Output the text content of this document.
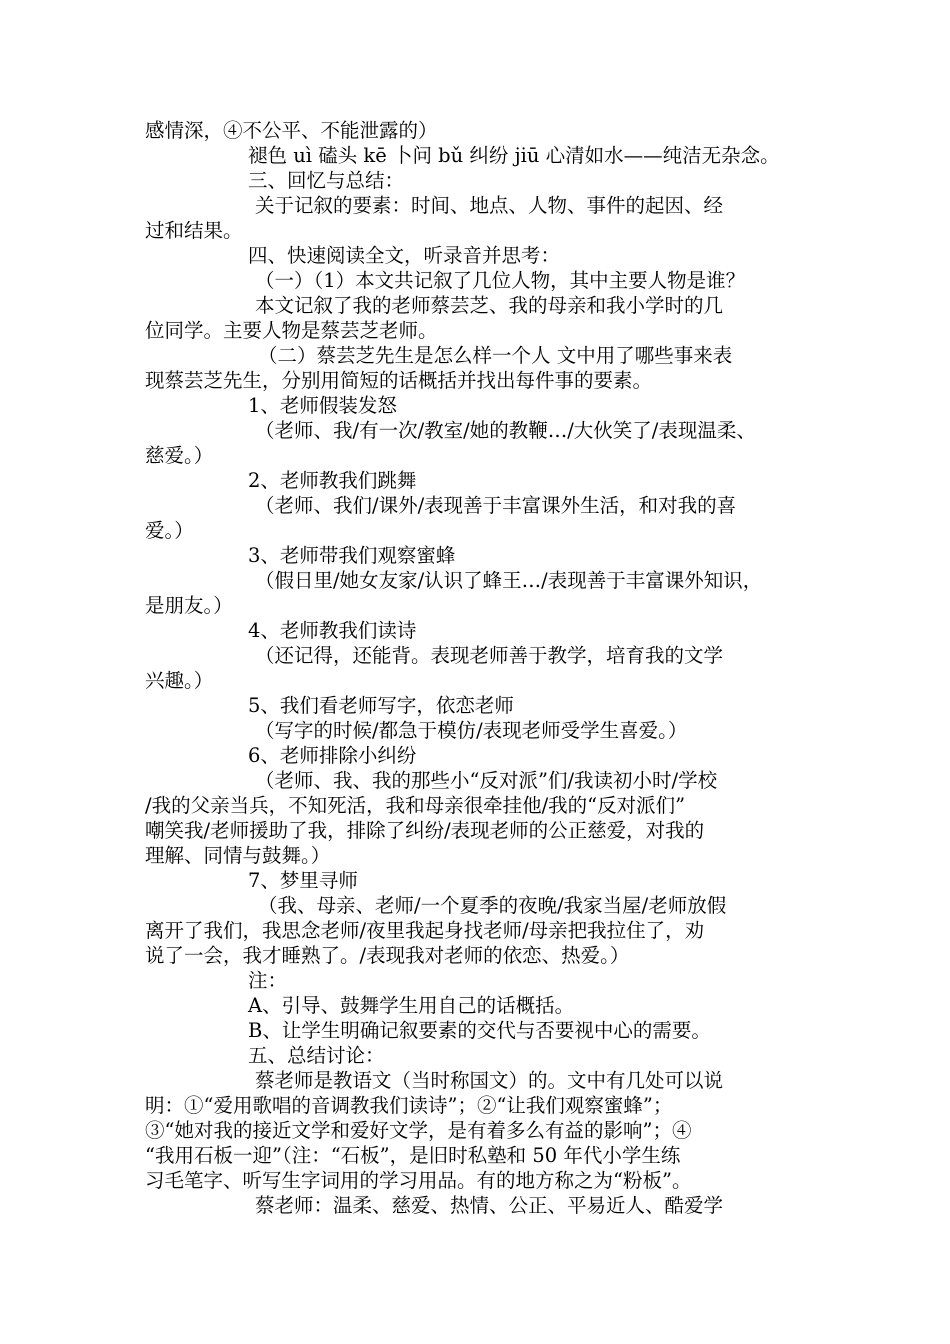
感情深，④不公平、不能泄露的）
褪色 uì 磕头 kē 卜问 bǔ 纠纷 jiū 心清如水——纯洁无杂念。
三、回忆与总结：
关于记叙的要素：时间、地点、人物、事件的起因、经
过和结果。
四、快速阅读全文，听录音并思考：
（一）（1）本文共记叙了几位人物，其中主要人物是谁？
本文记叙了我的老师蔡芸芝、我的母亲和我小学时的几
位同学。主要人物是蔡芸芝老师。
（二）蔡芸芝先生是怎么样一个人 文中用了哪些事来表
现蔡芸芝先生，分别用简短的话概括并找出每件事的要素。
1、老师假装发怒
（老师、我/有一次/教室/她的教鞭…/大伙笑了/表现温柔、
慈爱。）
2、老师教我们跳舞
（老师、我们/课外/表现善于丰富课外生活，和对我的喜
爱。）
3、老师带我们观察蜜蜂
（假日里/她女友家/认识了蜂王…/表现善于丰富课外知识，
是朋友。）
4、老师教我们读诗
（还记得，还能背。表现老师善于教学，培育我的文学
兴趣。）
5、我们看老师写字，依恋老师
（写字的时候/都急于模仿/表现老师受学生喜爱。）
6、老师排除小纠纷
（老师、我、我的那些小“反对派”们/我读初小时/学校
/我的父亲当兵，不知死活，我和母亲很牵挂他/我的“反对派们”
嘲笑我/老师援助了我，排除了纠纷/表现老师的公正慈爱，对我的
理解、同情与鼓舞。）
7、梦里寻师
（我、母亲、老师/一个夏季的夜晚/我家当屋/老师放假
离开了我们，我思念老师/夜里我起身找老师/母亲把我拉住了，劝
说了一会，我才睡熟了。/表现我对老师的依恋、热爱。）
注：
A、引导、鼓舞学生用自己的话概括。
B、让学生明确记叙要素的交代与否要视中心的需要。
五、总结讨论：
蔡老师是教语文（当时称国文）的。文中有几处可以说
明：①“爱用歌唱的音调教我们读诗”；②“让我们观察蜜蜂”；
③“她对我的接近文学和爱好文学，是有着多么有益的影响”；④
“我用石板一迎”（注：“石板”，是旧时私塾和 50 年代小学生练
习毛笔字、听写生字词用的学习用品。有的地方称之为“粉板”。
蔡老师：温柔、慈爱、热情、公正、平易近人、酷爱学
